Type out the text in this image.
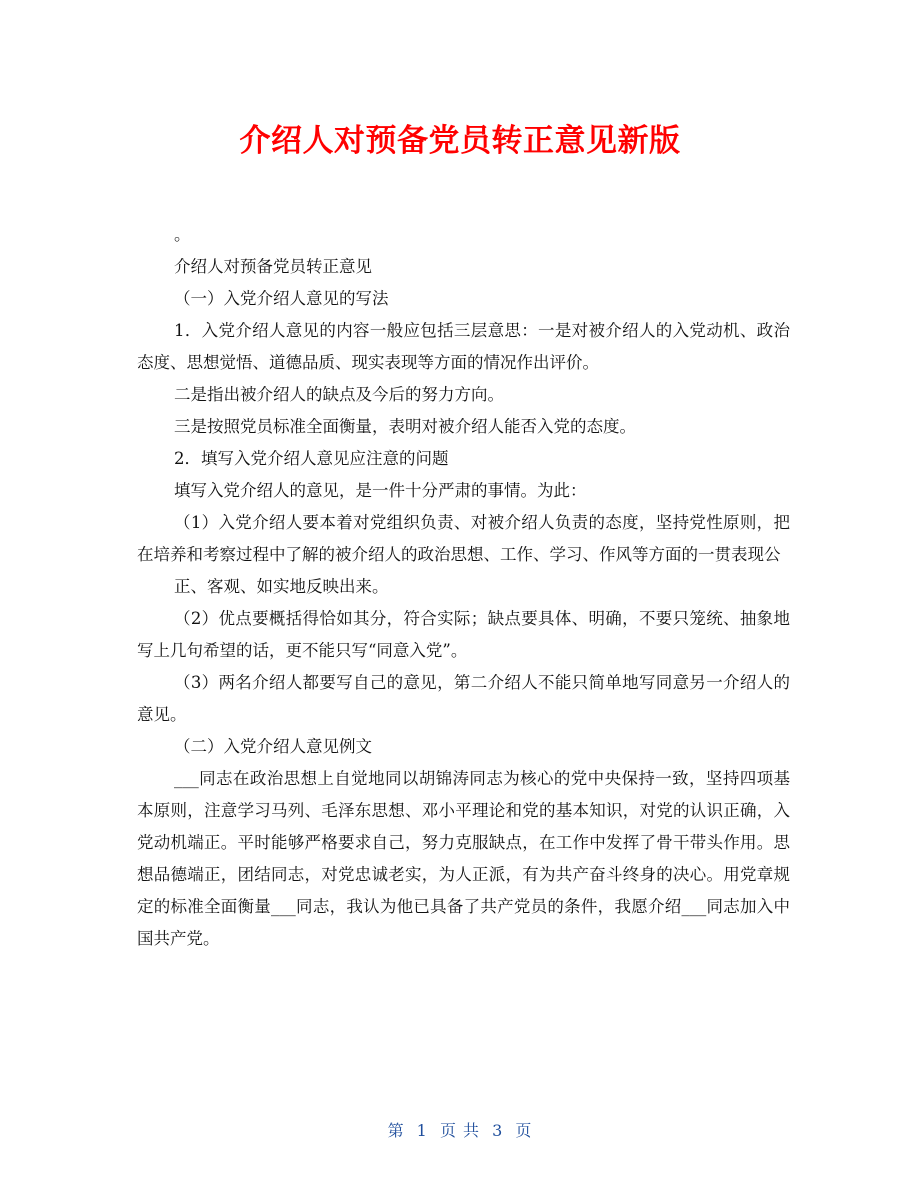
介绍人对预备党员转正意见新版

。

介绍人对预备党员转正意见

（一）入党介绍人意见的写法

1．入党介绍人意见的内容一般应包括三层意思：一是对被介绍人的入党动机、政治态度、思想觉悟、道德品质、现实表现等方面的情况作出评价。

二是指出被介绍人的缺点及今后的努力方向。

三是按照党员标准全面衡量，表明对被介绍人能否入党的态度。

2．填写入党介绍人意见应注意的问题

填写入党介绍人的意见，是一件十分严肃的事情。为此：

（1）入党介绍人要本着对党组织负责、对被介绍人负责的态度，坚持党性原则，把在培养和考察过程中了解的被介绍人的政治思想、工作、学习、作风等方面的一贯表现公

正、客观、如实地反映出来。

（2）优点要概括得恰如其分，符合实际；缺点要具体、明确，不要只笼统、抽象地写上几句希望的话，更不能只写“同意入党”。

（3）两名介绍人都要写自己的意见，第二介绍人不能只简单地写同意另一介绍人的意见。

（二）入党介绍人意见例文

___同志在政治思想上自觉地同以胡锦涛同志为核心的党中央保持一致，坚持四项基本原则，注意学习马列、毛泽东思想、邓小平理论和党的基本知识，对党的认识正确，入党动机端正。平时能够严格要求自己，努力克服缺点，在工作中发挥了骨干带头作用。思想品德端正，团结同志，对党忠诚老实，为人正派，有为共产奋斗终身的决心。用党章规定的标准全面衡量___同志，我认为他已具备了共产党员的条件，我愿介绍___同志加入中国共产党。

第 1 页 共 3 页
